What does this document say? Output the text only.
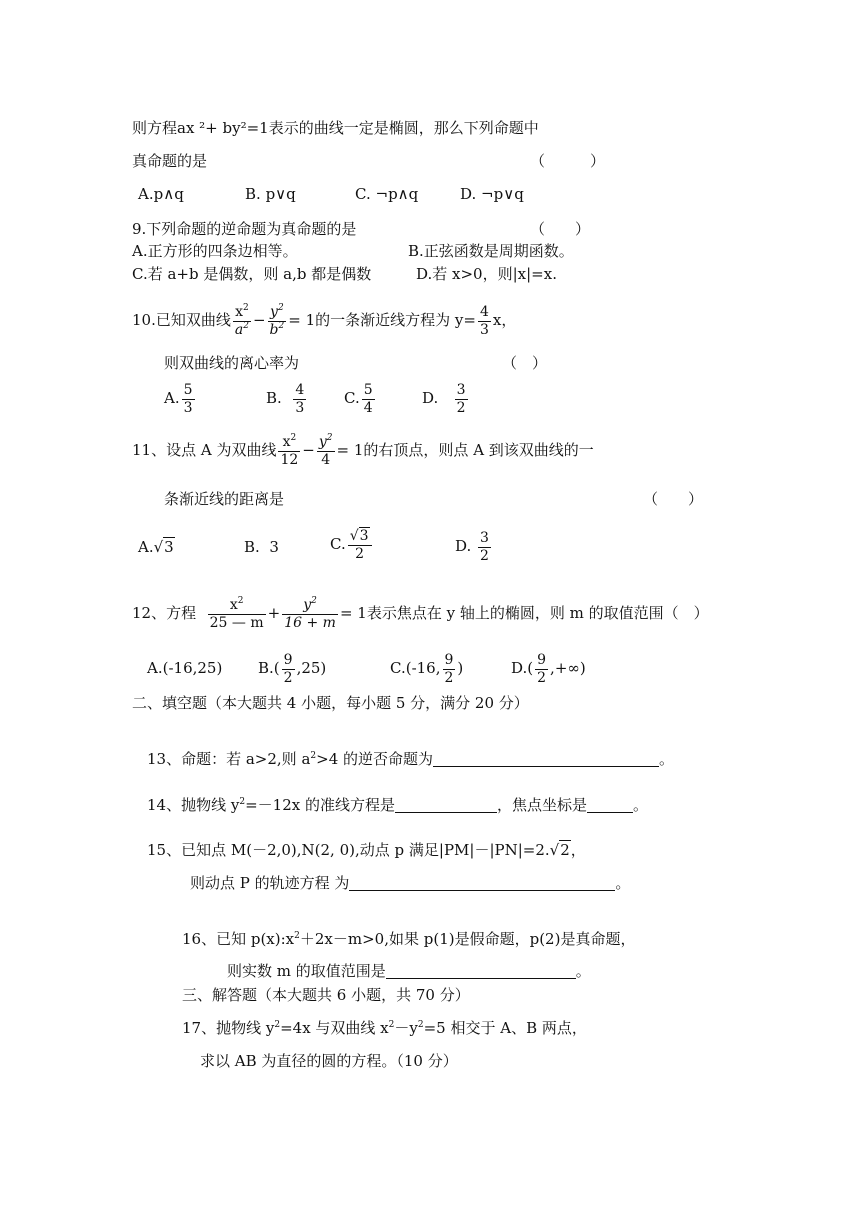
则方程ax ²+ by²=1表示的曲线一定是椭圆，那么下列命题中
真命题的是	（　　　）
A.p∧q	B. p∨q	C. ¬p∧q	D. ¬p∨q
9.下列命题的逆命题为真命题的是	（　　）
A.正方形的四条边相等。	B.正弦函数是周期函数。
C.若 a+b 是偶数，则 a,b 都是偶数	D.若 x>0，则|x|=x.
10.已知双曲线 $\frac{x^2}{a^2} - \frac{y^2}{b^2} = 1$的一条渐近线方程为 $y= \frac{4}{3}$ x，
则双曲线的离心率为	（　）
A. $\frac{5}{3}$	B. $\frac{4}{3}$	C. $\frac{5}{4}$	D. $\frac{3}{2}$
11、设点 A 为双曲线 $\frac{x^2}{12} - \frac{y^2}{4} = 1$的右顶点，则点 A 到该双曲线的一
条渐近线的距离是	（　　）
A.√3	B. 3	C. $\frac{√3}{2}$	D. $\frac{3}{2}$
12、方程 $\frac{x^2}{25 — m} + \frac{y^2}{16 + m} = 1$表示焦点在 y 轴上的椭圆，则 m 的取值范围（　）
A.(-16,25) $B.( \frac{9}{2} ,25)$	C.(-16, $\frac{9}{2}$ )	$D.( \frac{9}{2}$ ,+∞)
二、填空题（本大题共 4 小题，每小题 5 分，满分 20 分）
13、命题：若 a>2,则 $a^2>4$ 的逆否命题为	。
14、抛物线 $y^2=-12x$ 的准线方程是	，焦点坐标是	。
15、已知点 M(－2,0),N(2, 0),动点 p 满足|PM|－|PN|=2.√2，
则动点 P 的轨迹方程 为	。
16、已知 $p(x):x^2+2x-m>0$,如果 p(1)是假命题，p(2)是真命题，
则实数 m 的取值范围是	。
三、解答题（本大题共 6 小题，共 70 分）
17、抛物线 $y^2=4x$ 与双曲线 $x^2-y^2=5$ 相交于 A、B 两点，
求以 AB 为直径的圆的方程。（10 分）
